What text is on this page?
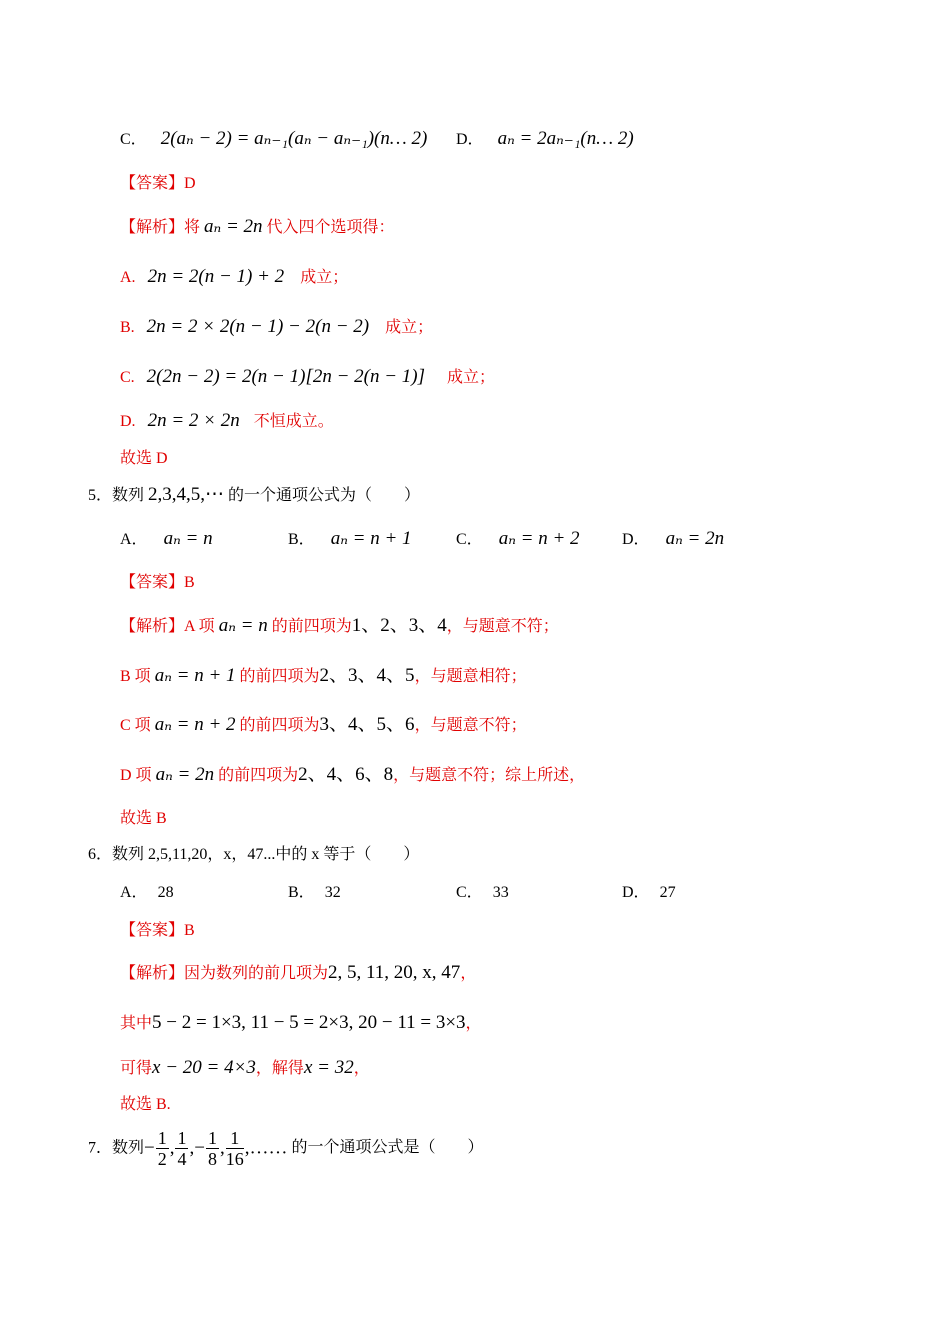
C． 2(aₙ − 2) = aₙ₋₁(aₙ − aₙ₋₁)(n… 2) D． aₙ = 2aₙ₋₁(n… 2)
【答案】D
【解析】将 aₙ = 2n 代入四个选项得：
A. 2n = 2(n − 1) + 2 成立；
B. 2n = 2 × 2(n − 1) − 2(n − 2) 成立；
C. 2(2n − 2) = 2(n − 1)[2n − 2(n − 1)] 成立；
D. 2n = 2 × 2n 不恒成立。
故选 D
5．数列 2,3,4,5,⋯ 的一个通项公式为（　　）
A． aₙ = n	B． aₙ = n + 1	C． aₙ = n + 2	D． aₙ = 2n
【答案】B
【解析】A 项 aₙ = n 的前四项为1、2、3、4，与题意不符；
B 项 aₙ = n + 1 的前四项为2、3、4、5，与题意相符；
C 项 aₙ = n + 2 的前四项为3、4、5、6，与题意不符；
D 项 aₙ = 2n 的前四项为2、4、6、8，与题意不符；综上所述，
故选 B
6．数列 2,5,11,20，x，47...中的 x 等于（　　）
A． 28	B． 32	C． 33	D． 27
【答案】B
【解析】因为数列的前几项为2, 5, 11, 20, x, 47，
其中5 − 2 = 1×3, 11 − 5 = 2×3, 20 − 11 = 3×3，
可得x − 20 = 4×3，解得x = 32，
故选 B.
7．数列− $\frac{1}{2}$ , $\frac{1}{4}$ ,− $\frac{1}{8}$ , $\frac{1}{16}$ ,…… 的一个通项公式是（　　）
